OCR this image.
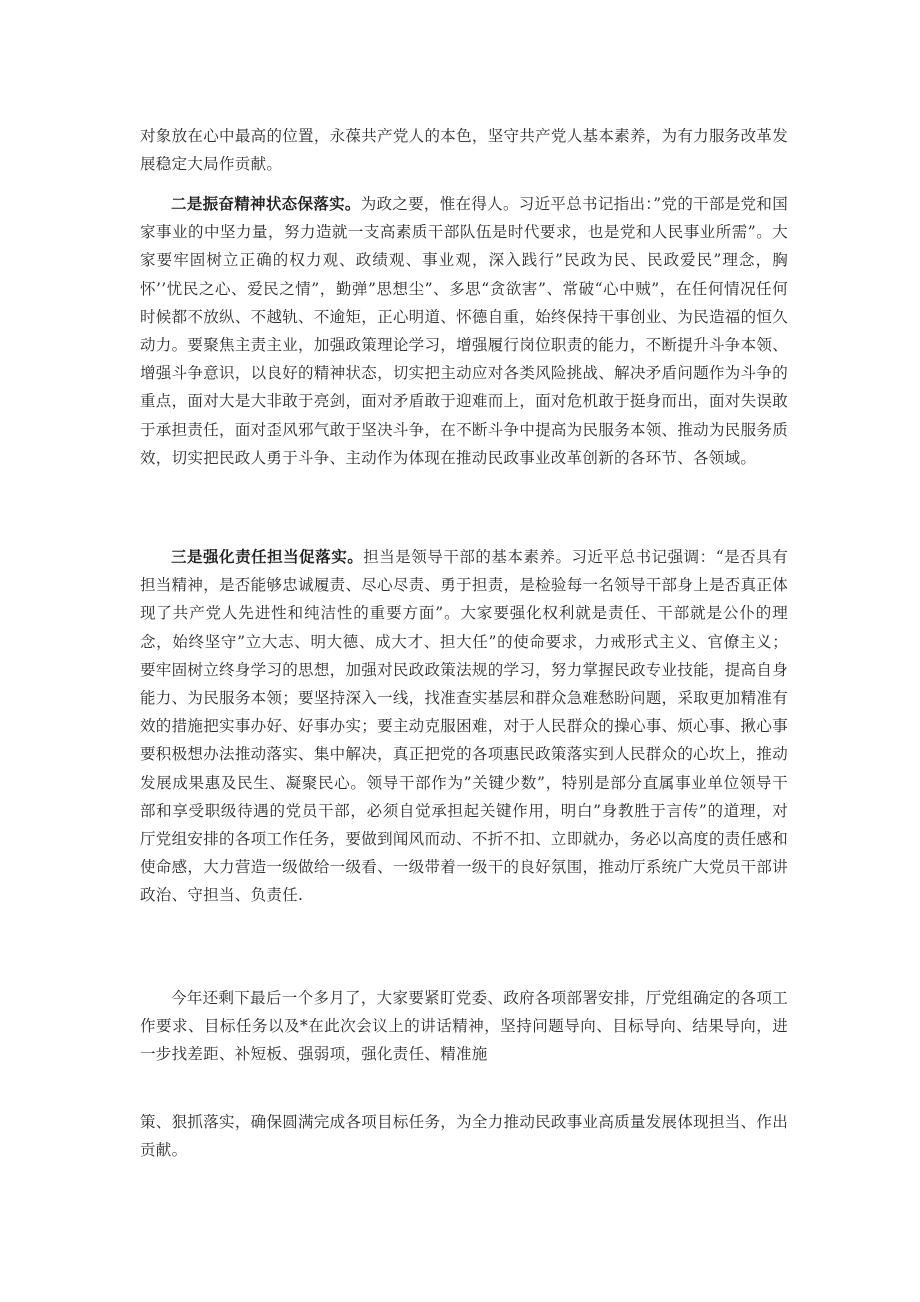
对象放在心中最高的位置，永葆共产党人的本色，坚守共产党人基本素养，为有力服务改革发展稳定大局作贡献。

二是振奋精神状态保落实。为政之要，惟在得人。习近平总书记指出：”党的干部是党和国家事业的中坚力量，努力造就一支高素质干部队伍是时代要求，也是党和人民事业所需”。大家要牢固树立正确的权力观、政绩观、事业观，深入践行”民政为民、民政爱民”理念，胸怀’’忧民之心、爱民之情”，勤弹”思想尘”、多思“贪欲害”、常破“心中贼”，在任何情况任何时候都不放纵、不越轨、不逾矩，正心明道、怀德自重，始终保持干事创业、为民造福的恒久动力。要聚焦主责主业，加强政策理论学习，增强履行岗位职责的能力，不断提升斗争本领、增强斗争意识，以良好的精神状态，切实把主动应对各类风险挑战、解决矛盾问题作为斗争的重点，面对大是大非敢于亮剑，面对矛盾敢于迎难而上，面对危机敢于挺身而出，面对失误敢于承担责任，面对歪风邪气敢于坚决斗争，在不断斗争中提高为民服务本领、推动为民服务质效，切实把民政人勇于斗争、主动作为体现在推动民政事业改革创新的各环节、各领域。

三是强化责任担当促落实。担当是领导干部的基本素养。习近平总书记强调：“是否具有担当精神，是否能够忠诚履责、尽心尽责、勇于担责，是检验每一名领导干部身上是否真正体现了共产党人先进性和纯洁性的重要方面”。大家要强化权利就是责任、干部就是公仆的理念，始终坚守”立大志、明大德、成大才、担大任”的使命要求，力戒形式主义、官僚主义；要牢固树立终身学习的思想，加强对民政政策法规的学习，努力掌握民政专业技能，提高自身能力、为民服务本领；要坚持深入一线，找准查实基层和群众急难愁盼问题，采取更加精准有效的措施把实事办好、好事办实；要主动克服困难，对于人民群众的操心事、烦心事、揪心事要积极想办法推动落实、集中解决，真正把党的各项惠民政策落实到人民群众的心坎上，推动发展成果惠及民生、凝聚民心。领导干部作为”关键少数”，特别是部分直属事业单位领导干部和享受职级待遇的党员干部，必须自觉承担起关键作用，明白”身教胜于言传”的道理，对厅党组安排的各项工作任务，要做到闻风而动、不折不扣、立即就办，务必以高度的责任感和使命感，大力营造一级做给一级看、一级带着一级干的良好氛围，推动厅系统广大党员干部讲政治、守担当、负责任.

今年还剩下最后一个多月了，大家要紧盯党委、政府各项部署安排，厅党组确定的各项工作要求、目标任务以及*在此次会议上的讲话精神，坚持问题导向、目标导向、结果导向，进一步找差距、补短板、强弱项，强化责任、精准施

策、狠抓落实，确保圆满完成各项目标任务，为全力推动民政事业高质量发展体现担当、作出贡献。
